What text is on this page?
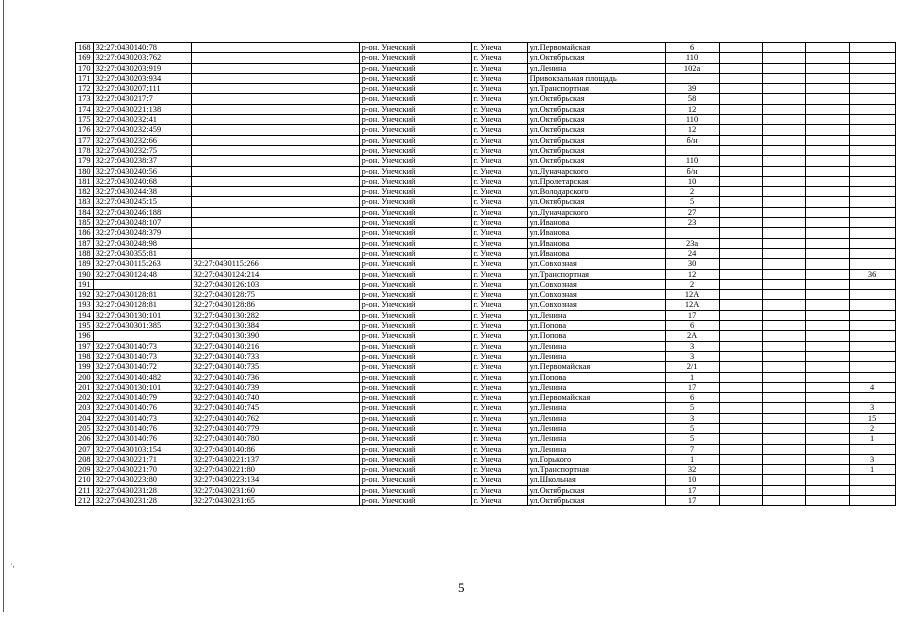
168	32:27:0430140:78		р-он. Унечский	г. Унеча	ул.Первомайская	6				
169	32:27:0430203:762		р-он. Унечский	г. Унеча	ул.Октябрьская	110				
170	32:27:0430203:919		р-он. Унечский	г. Унеча	ул.Ленина	102а				
171	32:27:0430203:934		р-он. Унечский	г. Унеча	Привокзальная площадь					
172	32:27:0430207:111		р-он. Унечский	г. Унеча	ул.Транспортная	39				
173	32:27:0430217:7		р-он. Унечский	г. Унеча	ул.Октябрьская	58				
174	32:27:0430221:138		р-он. Унечский	г. Унеча	ул.Октябрьская	12				
175	32:27:0430232:41		р-он. Унечский	г. Унеча	ул.Октябрьская	110				
176	32:27:0430232:459		р-он. Унечский	г. Унеча	ул.Октябрьская	12				
177	32:27:0430232:66		р-он. Унечский	г. Унеча	ул.Октябрьская	б/н				
178	32:27:0430232:75		р-он. Унечский	г. Унеча	ул.Октябрьская					
179	32:27:0430238:37		р-он. Унечский	г. Унеча	ул.Октябрьская	110				
180	32:27:0430240:56		р-он. Унечский	г. Унеча	ул.Луначарского	б/н				
181	32:27:0430240:68		р-он. Унечский	г. Унеча	ул.Пролетарская	10				
182	32:27:0430244:38		р-он. Унечский	г. Унеча	ул.Володарского	2				
183	32:27:0430245:15		р-он. Унечский	г. Унеча	ул.Октябрьская	5				
184	32:27:0430246:188		р-он. Унечский	г. Унеча	ул.Луначарского	27				
185	32:27:0430248:107		р-он. Унечский	г. Унеча	ул.Иванова	23				
186	32:27:0430248:379		р-он. Унечский	г. Унеча	ул.Иванова					
187	32:27:0430248:98		р-он. Унечский	г. Унеча	ул.Иванова	23а				
188	32:27:0430355:81		р-он. Унечский	г. Унеча	ул.Иванова	24				
189	32:27:0430115:263	32:27:0430115:266	р-он. Унечский	г. Унеча	ул.Совхозная	30				
190	32:27:0430124:48	32:27:0430124:214	р-он. Унечский	г. Унеча	ул.Транспортная	12				36
191		32:27:0430126:103	р-он. Унечский	г. Унеча	ул.Совхозная	2				
192	32:27:0430128:81	32:27:0430128:75	р-он. Унечский	г. Унеча	ул.Совхозная	12А				
193	32:27:0430128:81	32:27:0430128:86	р-он. Унечский	г. Унеча	ул.Совхозная	12А				
194	32:27:0430130:101	32:27:0430130:282	р-он. Унечский	г. Унеча	ул.Ленина	17				
195	32:27:0430301:385	32:27:0430130:384	р-он. Унечский	г. Унеча	ул.Попова	6				
196		32:27:0430130:390	р-он. Унечский	г. Унеча	ул.Попова	2А				
197	32:27:0430140:73	32:27:0430140:216	р-он. Унечский	г. Унеча	ул.Ленина	3				
198	32:27:0430140:73	32:27:0430140:733	р-он. Унечский	г. Унеча	ул.Ленина	3				
199	32:27:0430140:72	32:27:0430140:735	р-он. Унечский	г. Унеча	ул.Первомайская	2/1				
200	32:27:0430140:482	32:27:0430140:736	р-он. Унечский	г. Унеча	ул.Попова	1				
201	32:27:0430130:101	32:27:0430140:739	р-он. Унечский	г. Унеча	ул.Ленина	17				4
202	32:27:0430140:79	32:27:0430140:740	р-он. Унечский	г. Унеча	ул.Первомайская	6				
203	32:27:0430140:76	32:27:0430140:745	р-он. Унечский	г. Унеча	ул.Ленина	5				3
204	32:27:0430140:73	32:27:0430140:762	р-он. Унечский	г. Унеча	ул.Ленина	3				15
205	32:27:0430140:76	32:27:0430140:779	р-он. Унечский	г. Унеча	ул.Ленина	5				2
206	32:27:0430140:76	32:27:0430140:780	р-он. Унечский	г. Унеча	ул.Ленина	5				1
207	32:27:0430103:154	32:27:0430140:86	р-он. Унечский	г. Унеча	ул.Ленина	7				
208	32:27:0430221:71	32:27:0430221:137	р-он. Унечский	г. Унеча	ул.Горького	1				3
209	32:27:0430221:70	32:27:0430221:80	р-он. Унечский	г. Унеча	ул.Транспортная	32				1
210	32:27:0430223:80	32:27:0430223:134	р-он. Унечский	г. Унеча	ул.Школьная	10				
211	32:27:0430231:28	32:27:0430231:60	р-он. Унечский	г. Унеча	ул.Октябрьская	17				
212	32:27:0430231:28	32:27:0430231:65	р-он. Унечский	г. Унеча	ул.Октябрьская	17				
5
·,
